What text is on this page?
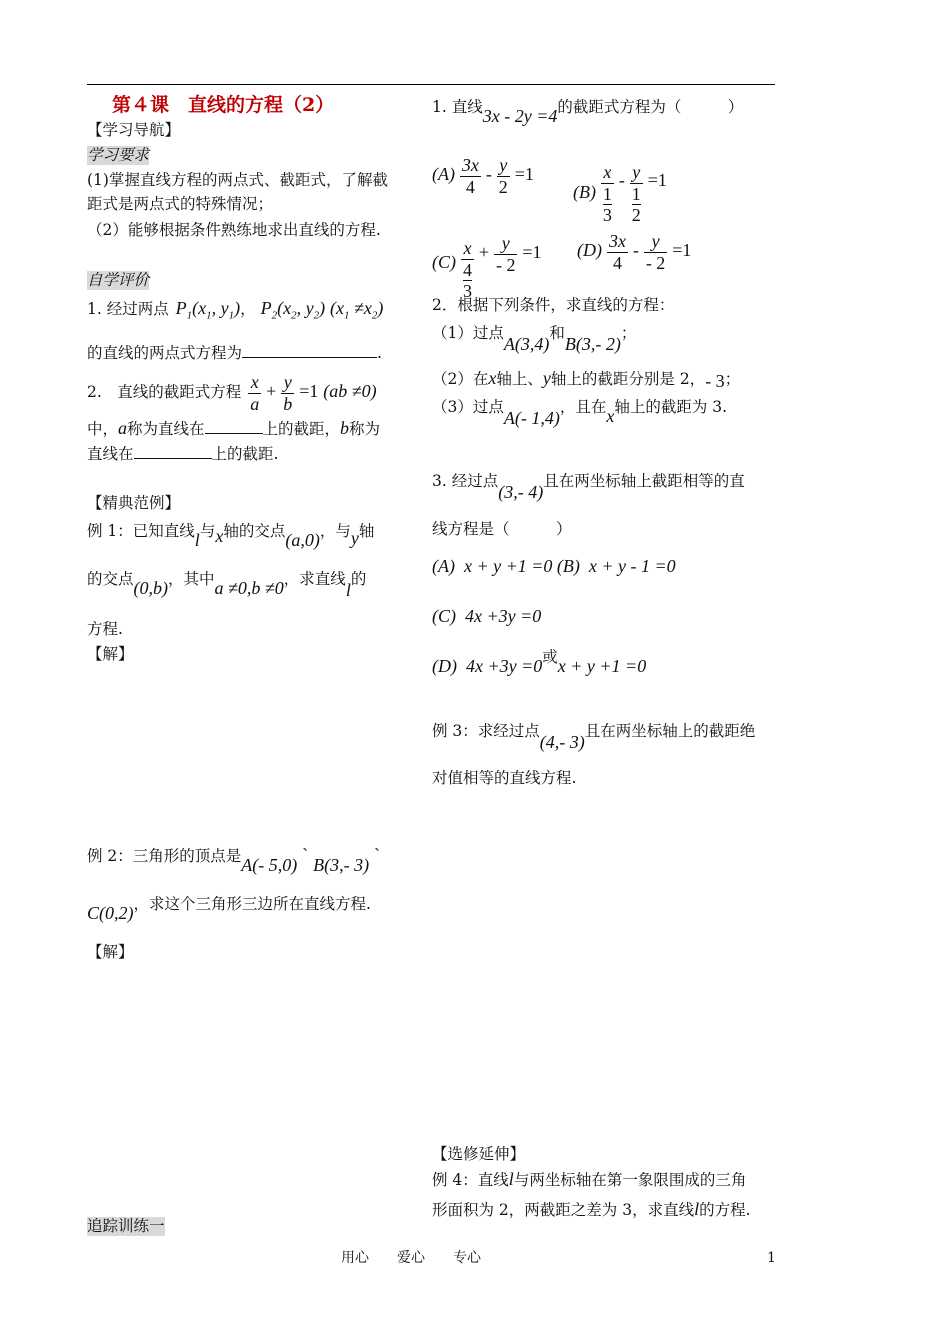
第４课　直线的方程（2）
【学习导航】
学习要求
(1)掌握直线方程的两点式、截距式，了解截
距式是两点式的特殊情况；
（2）能够根据条件熟练地求出直线的方程.
自学评价
1. 经过两点 $P_1(x_1$, $y_1$)， $P_2(x_2$, $y_2$) $(x_1 \ne x_2)$
的直线的两点式方程为	.
2.　直线的截距式方程 $\frac{x}{a} + \frac{y}{b} =1$ (ab ≠0)
中，a称为直线在	上的截距，b称为
直线在	上的截距.
【精典范例】
例 1：已知直线l与x轴的交点(a,0)，与y轴
的交点(0,b)，其中a ≠0,b ≠0，求直线l的
方程.
【解】
例 2：三角形的顶点是A(- 5,0) ` B(3,- 3) `
C(0,2)，求这个三角形三边所在直线方程.
【解】
追踪训练一
1. 直线3x - 2y =4的截距式方程为（　　　）
$(A) \frac{3x}{4} - \frac{y}{2} =1$
(B) x
1
3 - y
1
2 =1
(C) x
4
$3 + \frac{y}{- 2} =1$ $(D) \frac{3x}{4} - \frac{y}{- 2} =1$
2．根据下列条件，求直线的方程：
（1）过点A(3,4)和B(3,- 2)；
（2）在x轴上、y轴上的截距分别是 2，- 3；
（3）过点A(- 1,4)，且在x轴上的截距为 3.
3. 经过点(3,- 4)且在两坐标轴上截距相等的直
线方程是（　　　）
(A)  x + y +1 =0 (B)  x + y - 1 =0
(C)  4x +3y =0
(D)  4x +3y =0或x + y +1 =0
例 3：求经过点(4,- 3)且在两坐标轴上的截距绝
对值相等的直线方程.
【选修延伸】
例 4：直线l与两坐标轴在第一象限围成的三角
形面积为 2，两截距之差为 3，求直线l的方程.
用心　　爱心　　专心	1
